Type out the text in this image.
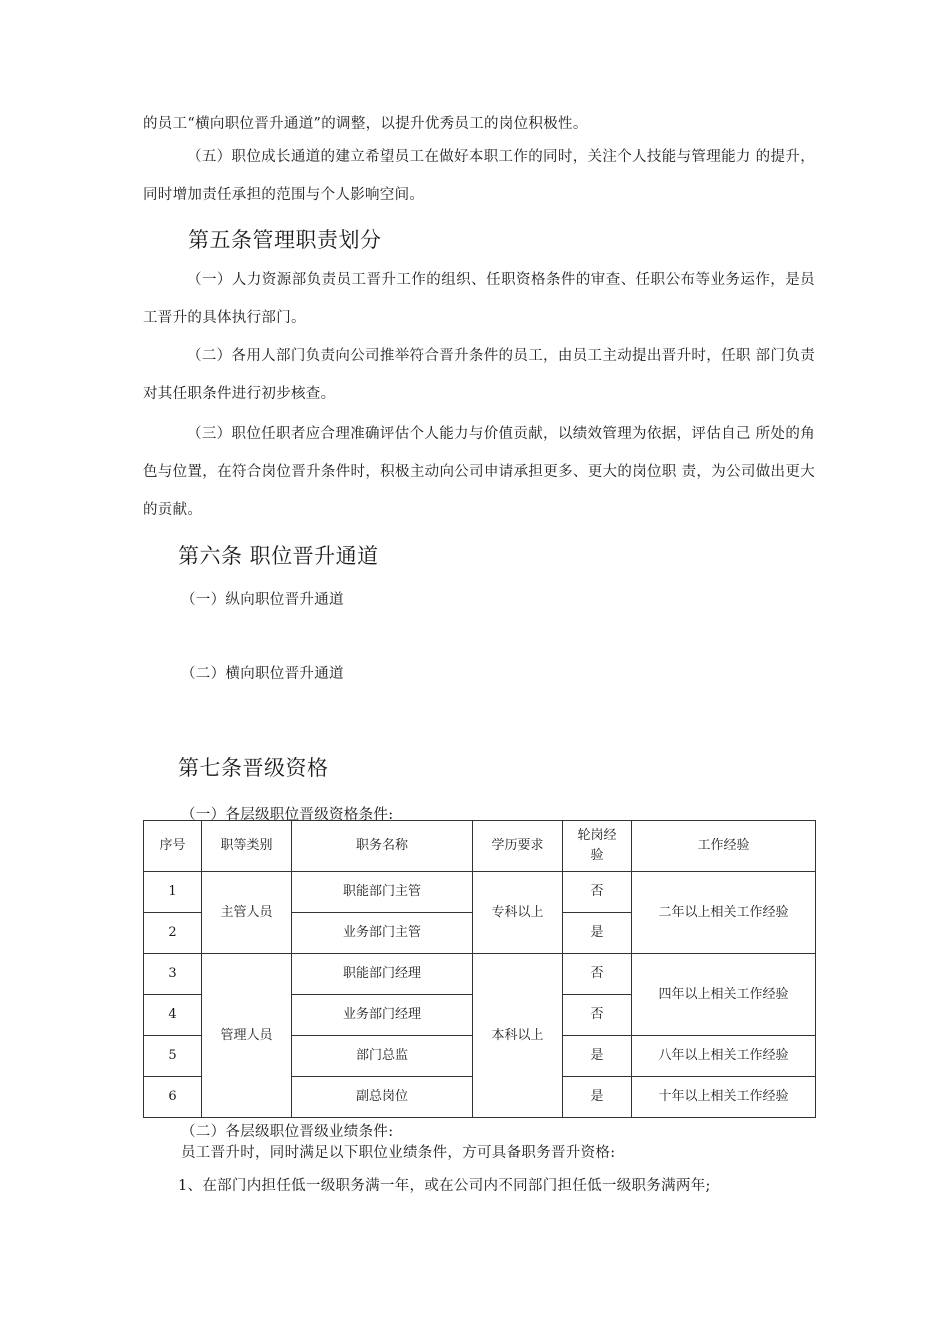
的员工“横向职位晋升通道”的调整，以提升优秀员工的岗位积极性。

（五）职位成长通道的建立希望员工在做好本职工作的同时，关注个人技能与管理能力 的提升，同时增加责任承担的范围与个人影响空间。

第五条管理职责划分

（一）人力资源部负责员工晋升工作的组织、任职资格条件的审查、任职公布等业务运作，是员工晋升的具体执行部门。

（二）各用人部门负责向公司推举符合晋升条件的员工，由员工主动提出晋升时，任职 部门负责对其任职条件进行初步核查。

（三）职位任职者应合理准确评估个人能力与价值贡献，以绩效管理为依据，评估自己 所处的角色与位置，在符合岗位晋升条件时，积极主动向公司申请承担更多、更大的岗位职 责，为公司做出更大的贡献。

第六条 职位晋升通道

（一）纵向职位晋升通道

（二）横向职位晋升通道

第七条晋级资格

（一）各层级职位晋级资格条件:

序号	职等类别	职务名称	学历要求	轮岗经验	工作经验
1	主管人员	职能部门主管	专科以上	否	二年以上相关工作经验
2		业务部门主管		是	
3	管理人员	职能部门经理	本科以上	否	四年以上相关工作经验
4		业务部门经理		否	
5		部门总监		是	八年以上相关工作经验
6		副总岗位		是	十年以上相关工作经验

（二）各层级职位晋级业绩条件:

员工晋升时，同时满足以下职位业绩条件，方可具备职务晋升资格:

1、在部门内担任低一级职务满一年，或在公司内不同部门担任低一级职务满两年;
